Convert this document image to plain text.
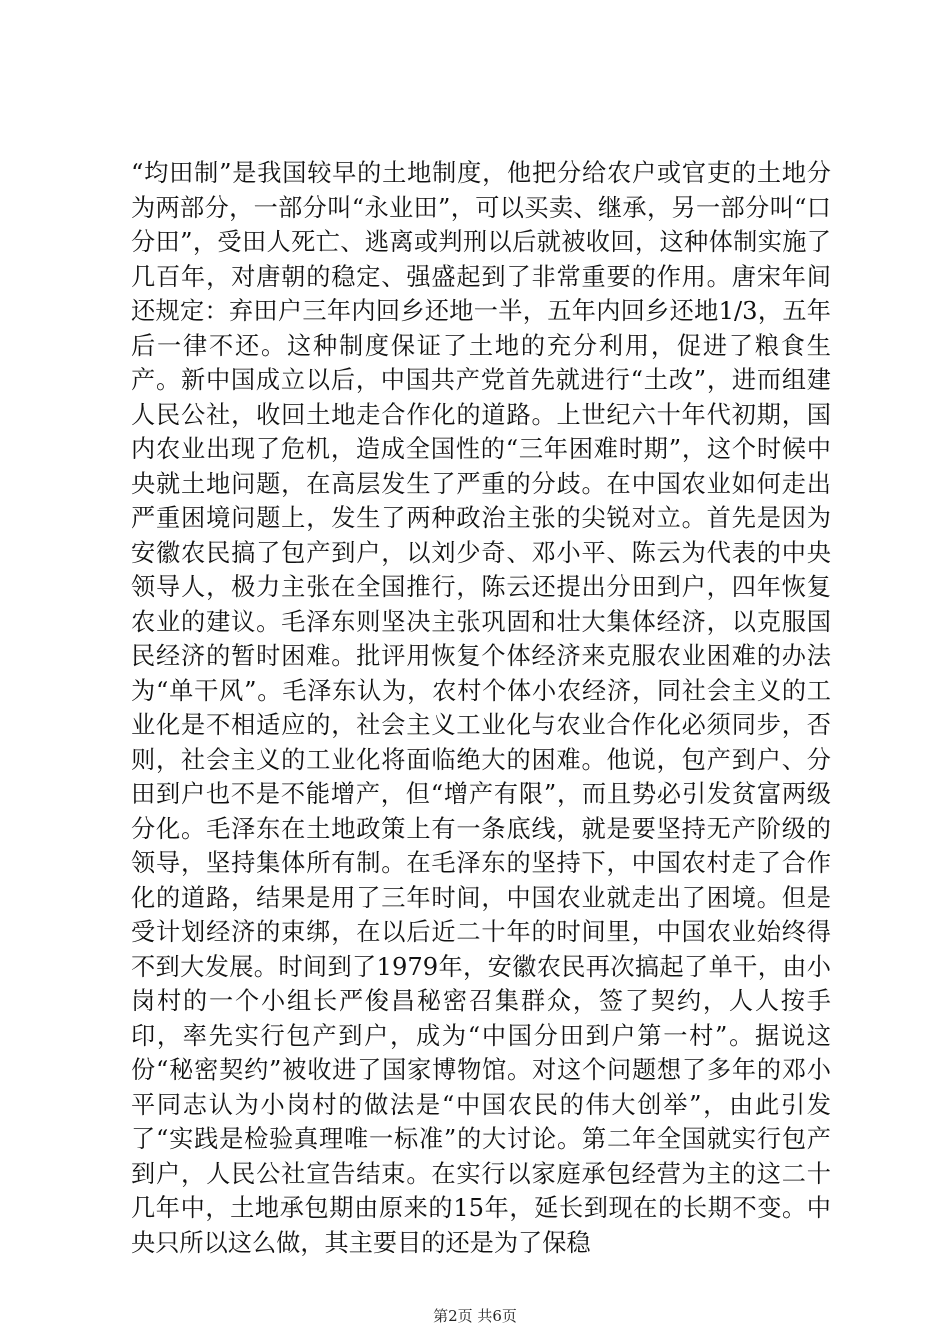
“均田制”是我国较早的土地制度，他把分给农户或官吏的土地分为两部分，一部分叫“永业田”，可以买卖、继承，另一部分叫“口分田”，受田人死亡、逃离或判刑以后就被收回，这种体制实施了几百年，对唐朝的稳定、强盛起到了非常重要的作用。唐宋年间还规定：弃田户三年内回乡还地一半，五年内回乡还地1/3，五年后一律不还。这种制度保证了土地的充分利用，促进了粮食生产。新中国成立以后，中国共产党首先就进行“土改”，进而组建人民公社，收回土地走合作化的道路。上世纪六十年代初期，国内农业出现了危机，造成全国性的“三年困难时期”，这个时候中央就土地问题，在高层发生了严重的分歧。在中国农业如何走出严重困境问题上，发生了两种政治主张的尖锐对立。首先是因为安徽农民搞了包产到户，以刘少奇、邓小平、陈云为代表的中央领导人，极力主张在全国推行，陈云还提出分田到户，四年恢复农业的建议。毛泽东则坚决主张巩固和壮大集体经济，以克服国民经济的暂时困难。批评用恢复个体经济来克服农业困难的办法为“单干风”。毛泽东认为，农村个体小农经济，同社会主义的工业化是不相适应的，社会主义工业化与农业合作化必须同步，否则，社会主义的工业化将面临绝大的困难。他说，包产到户、分田到户也不是不能增产，但“增产有限”，而且势必引发贫富两级分化。毛泽东在土地政策上有一条底线，就是要坚持无产阶级的领导，坚持集体所有制。在毛泽东的坚持下，中国农村走了合作化的道路，结果是用了三年时间，中国农业就走出了困境。但是受计划经济的束绑，在以后近二十年的时间里，中国农业始终得不到大发展。时间到了1979年，安徽农民再次搞起了单干，由小岗村的一个小组长严俊昌秘密召集群众，签了契约，人人按手印，率先实行包产到户，成为“中国分田到户第一村”。据说这份“秘密契约”被收进了国家博物馆。对这个问题想了多年的邓小平同志认为小岗村的做法是“中国农民的伟大创举”，由此引发了“实践是检验真理唯一标准”的大讨论。第二年全国就实行包产到户，人民公社宣告结束。在实行以家庭承包经营为主的这二十几年中，土地承包期由原来的15年，延长到现在的长期不变。中央只所以这么做，其主要目的还是为了保稳

第2页 共6页
